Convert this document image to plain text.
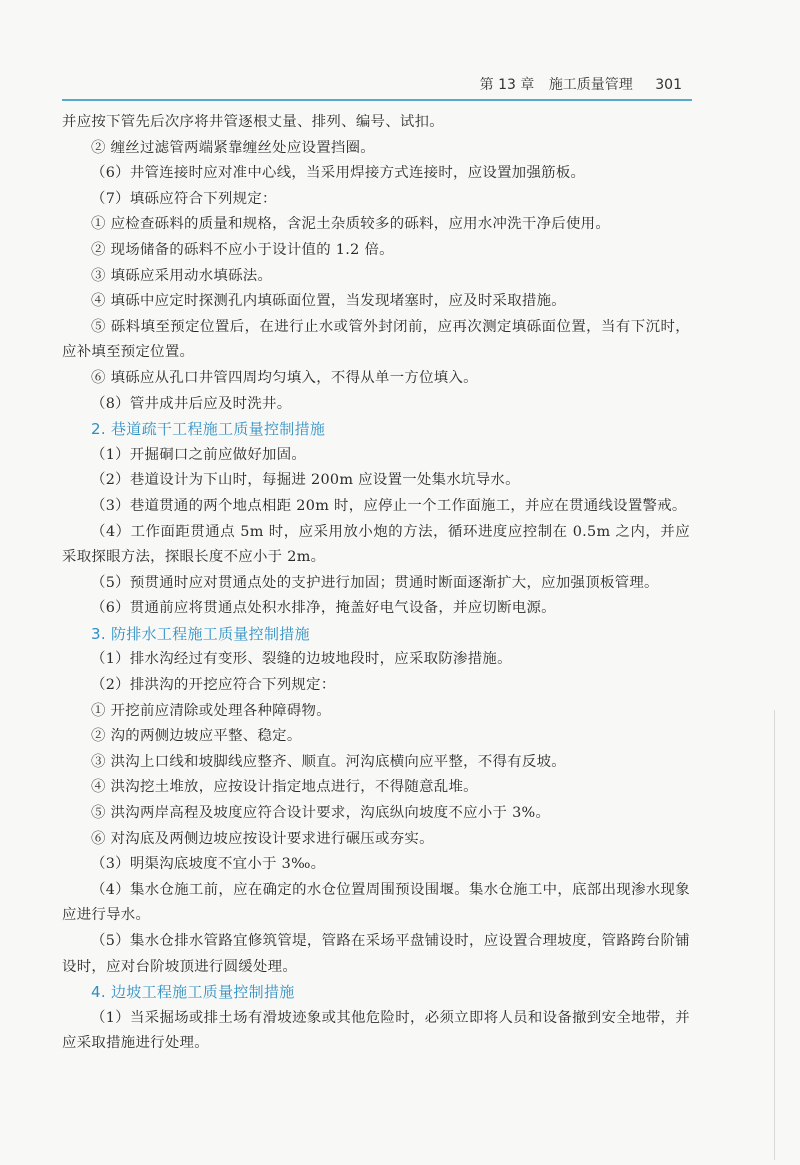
第 13 章 施工质量管理 301
并应按下管先后次序将井管逐根丈量、排列、编号、试扣。
② 缠丝过滤管两端紧靠缠丝处应设置挡圈。
（6）井管连接时应对准中心线，当采用焊接方式连接时，应设置加强筋板。
（7）填砾应符合下列规定：
① 应检查砾料的质量和规格，含泥土杂质较多的砾料，应用水冲洗干净后使用。
② 现场储备的砾料不应小于设计值的 1.2 倍。
③ 填砾应采用动水填砾法。
④ 填砾中应定时探测孔内填砾面位置，当发现堵塞时，应及时采取措施。
⑤ 砾料填至预定位置后，在进行止水或管外封闭前，应再次测定填砾面位置，当有下沉时，应补填至预定位置。
⑥ 填砾应从孔口井管四周均匀填入，不得从单一方位填入。
（8）管井成井后应及时洗井。
2. 巷道疏干工程施工质量控制措施
（1）开掘硐口之前应做好加固。
（2）巷道设计为下山时，每掘进 200m 应设置一处集水坑导水。
（3）巷道贯通的两个地点相距 20m 时，应停止一个工作面施工，并应在贯通线设置警戒。
（4）工作面距贯通点 5m 时，应采用放小炮的方法，循环进度应控制在 0.5m 之内，并应采取探眼方法，探眼长度不应小于 2m。
（5）预贯通时应对贯通点处的支护进行加固；贯通时断面逐渐扩大，应加强顶板管理。
（6）贯通前应将贯通点处积水排净，掩盖好电气设备，并应切断电源。
3. 防排水工程施工质量控制措施
（1）排水沟经过有变形、裂缝的边坡地段时，应采取防渗措施。
（2）排洪沟的开挖应符合下列规定：
① 开挖前应清除或处理各种障碍物。
② 沟的两侧边坡应平整、稳定。
③ 洪沟上口线和坡脚线应整齐、顺直。河沟底横向应平整，不得有反坡。
④ 洪沟挖土堆放，应按设计指定地点进行，不得随意乱堆。
⑤ 洪沟两岸高程及坡度应符合设计要求，沟底纵向坡度不应小于 3%。
⑥ 对沟底及两侧边坡应按设计要求进行碾压或夯实。
（3）明渠沟底坡度不宜小于 3‰。
（4）集水仓施工前，应在确定的水仓位置周围预设围堰。集水仓施工中，底部出现渗水现象应进行导水。
（5）集水仓排水管路宜修筑管堤，管路在采场平盘铺设时，应设置合理坡度，管路跨台阶铺设时，应对台阶坡顶进行圆缓处理。
4. 边坡工程施工质量控制措施
（1）当采掘场或排土场有滑坡迹象或其他危险时，必须立即将人员和设备撤到安全地带，并应采取措施进行处理。
